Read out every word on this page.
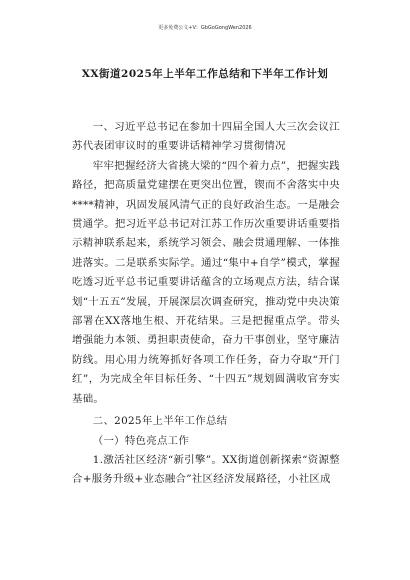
更多免费公文+V：GbGoGongWen2026
XX街道2025年上半年工作总结和下半年工作计划

一、习近平总书记在参加十四届全国人大三次会议江苏代表团审议时的重要讲话精神学习贯彻情况

牢牢把握经济大省挑大梁的“四个着力点”，把握实践路径，把高质量党建摆在更突出位置，锲而不舍落实中央****精神，巩固发展风清气正的良好政治生态。一是融会贯通学。把习近平总书记对江苏工作历次重要讲话重要指示精神联系起来，系统学习领会、融会贯通理解、一体推进落实。二是联系实际学。通过“集中+自学”模式，掌握吃透习近平总书记重要讲话蕴含的立场观点方法，结合谋划“十五五”发展，开展深层次调查研究，推动党中央决策部署在XX落地生根、开花结果。三是把握重点学。带头增强能力本领、勇担职责使命，奋力干事创业，坚守廉洁防线。用心用力统筹抓好各项工作任务，奋力夺取“开门红”，为完成全年目标任务、“十四五”规划圆满收官夯实基础。

二、2025年上半年工作总结

（一）特色亮点工作

1.激活社区经济“新引擎”。XX街道创新探索“资源整合+服务升级+业态融合”社区经济发展路径，小社区成
